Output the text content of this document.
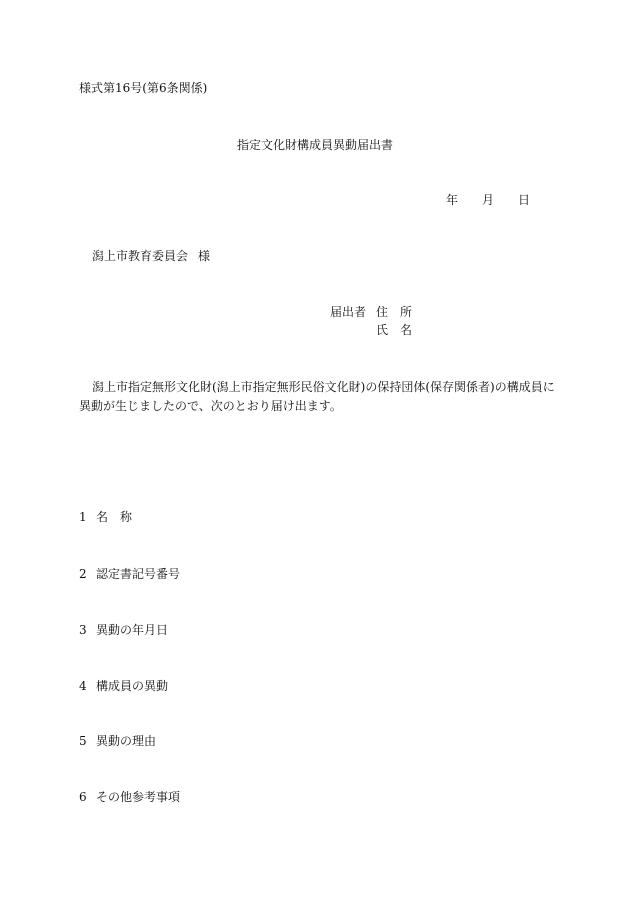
様式第16号(第6条関係)
指定文化財構成員異動届出書
年 月 日
潟上市教育委員会 様
届出者 住　所
氏　名
潟上市指定無形文化財(潟上市指定無形民俗文化財)の保持団体(保存関係者)の構成員に異動が生じましたので、次のとおり届け出ます。
1 名　称
2 認定書記号番号
3 異動の年月日
4 構成員の異動
5 異動の理由
6 その他参考事項
